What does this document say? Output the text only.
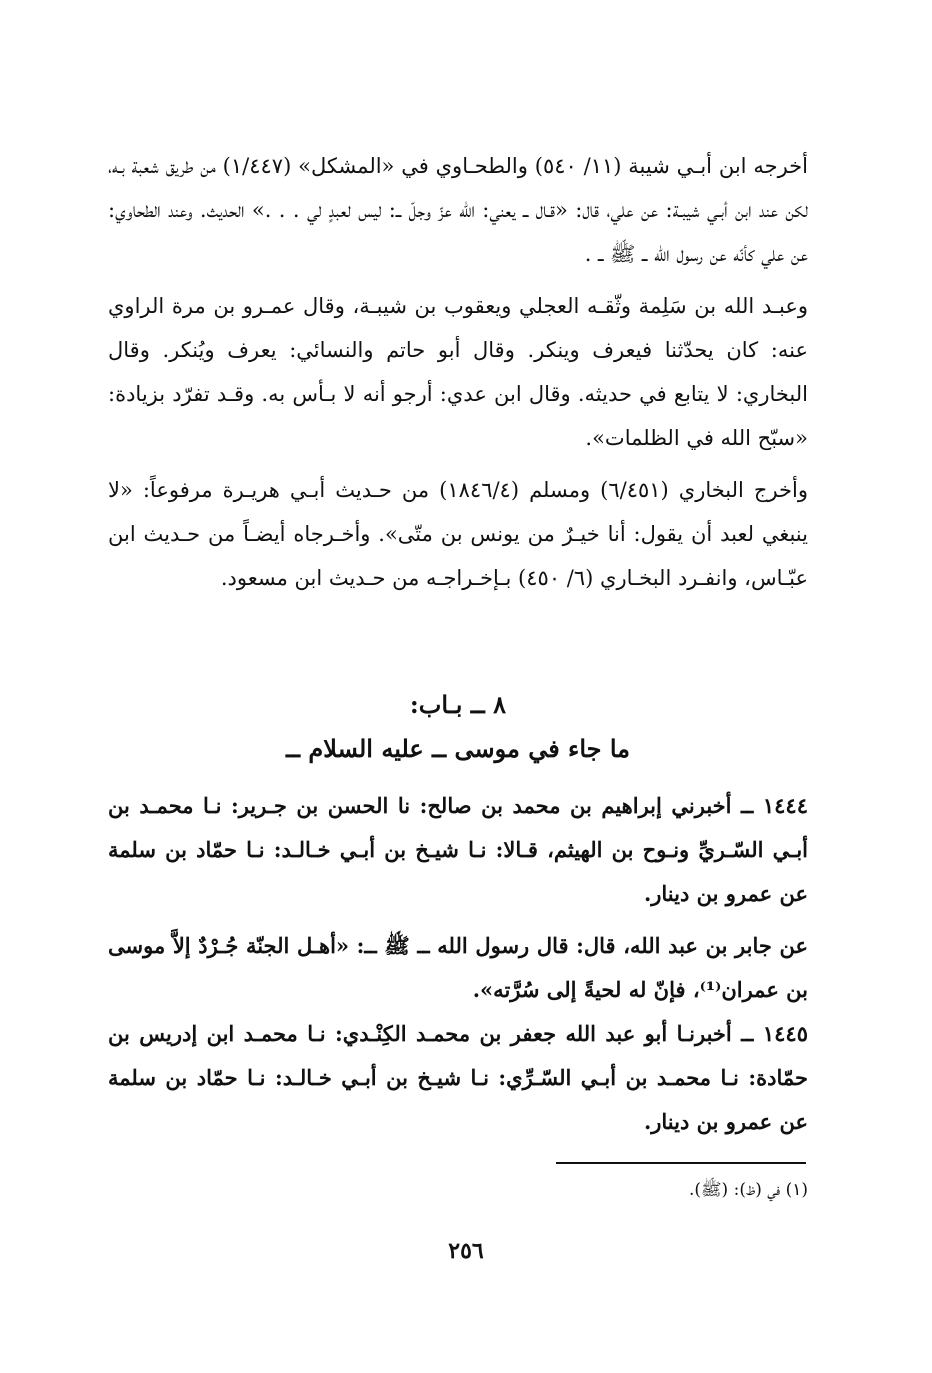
أخرجه ابن أبـي شيبة (١١/ ٥٤٠) والطحـاوي في «المشكل» (١/٤٤٧) من طريق شعبة بـه، لكن عند ابن أبـي شيبـة: عن علي، قال: «قـال ــ يعني: الله عزّ وجلّ ــ: ليس لعبدٍ لي . . .» الحديث. وعند الطحاوي: عن علي كأنّه عن رسول الله ــ ﷺ ــ .

وعبـد الله بن سَلِمة وثّقـه العجلي ويعقوب بن شيبـة، وقال عمـرو بن مرة الراوي عنه: كان يحدّثنا فيعرف وينكر. وقال أبو حاتم والنسائي: يعرف ويُنكر. وقال البخاري: لا يتابع في حديثه. وقال ابن عدي: أرجو أنه لا بـأس به. وقـد تفرّد بزيادة: «سبّح الله في الظلمات».

وأخرج البخاري (٦/٤٥١) ومسلم (١٨٤٦/٤) من حـديث أبـي هريـرة مرفوعاً: «لا ينبغي لعبد أن يقول: أنا خيـرٌ من يونس بن متّى». وأخـرجاه أيضـاً من حـديث ابن عبّـاس، وانفـرد البخـاري (٦/ ٤٥٠) بـإخـراجـه من حـديث ابن مسعود.

٨ ــ بـاب:
ما جاء في موسى ــ عليه السلام ــ

١٤٤٤ ــ أخبرني إبراهيم بن محمد بن صالح: نا الحسن بن جـرير: نـا محمـد بن أبـي السّـريِّ ونـوح بن الهيثم، قـالا: نـا شيـخ بن أبـي خـالـد: نـا حمّاد بن سلمة عن عمرو بن دينار.

عن جابر بن عبد الله، قال: قال رسول الله ــ ﷺ ــ: «أهـل الجنّة جُـرْدٌ إلاَّ موسى بن عمران⁽¹⁾، فإنّ له لحيةً إلى سُرَّته».

١٤٤٥ ــ أخبرنـا أبو عبد الله جعفر بن محمـد الكِنْـدي: نـا محمـد ابن إدريس بن حمّادة: نـا محمـد بن أبـي السّـرِّي: نـا شيـخ بن أبـي خـالـد: نـا حمّاد بن سلمة عن عمرو بن دينار.

(١) في (ظ): (ﷺ).
٢٥٦
